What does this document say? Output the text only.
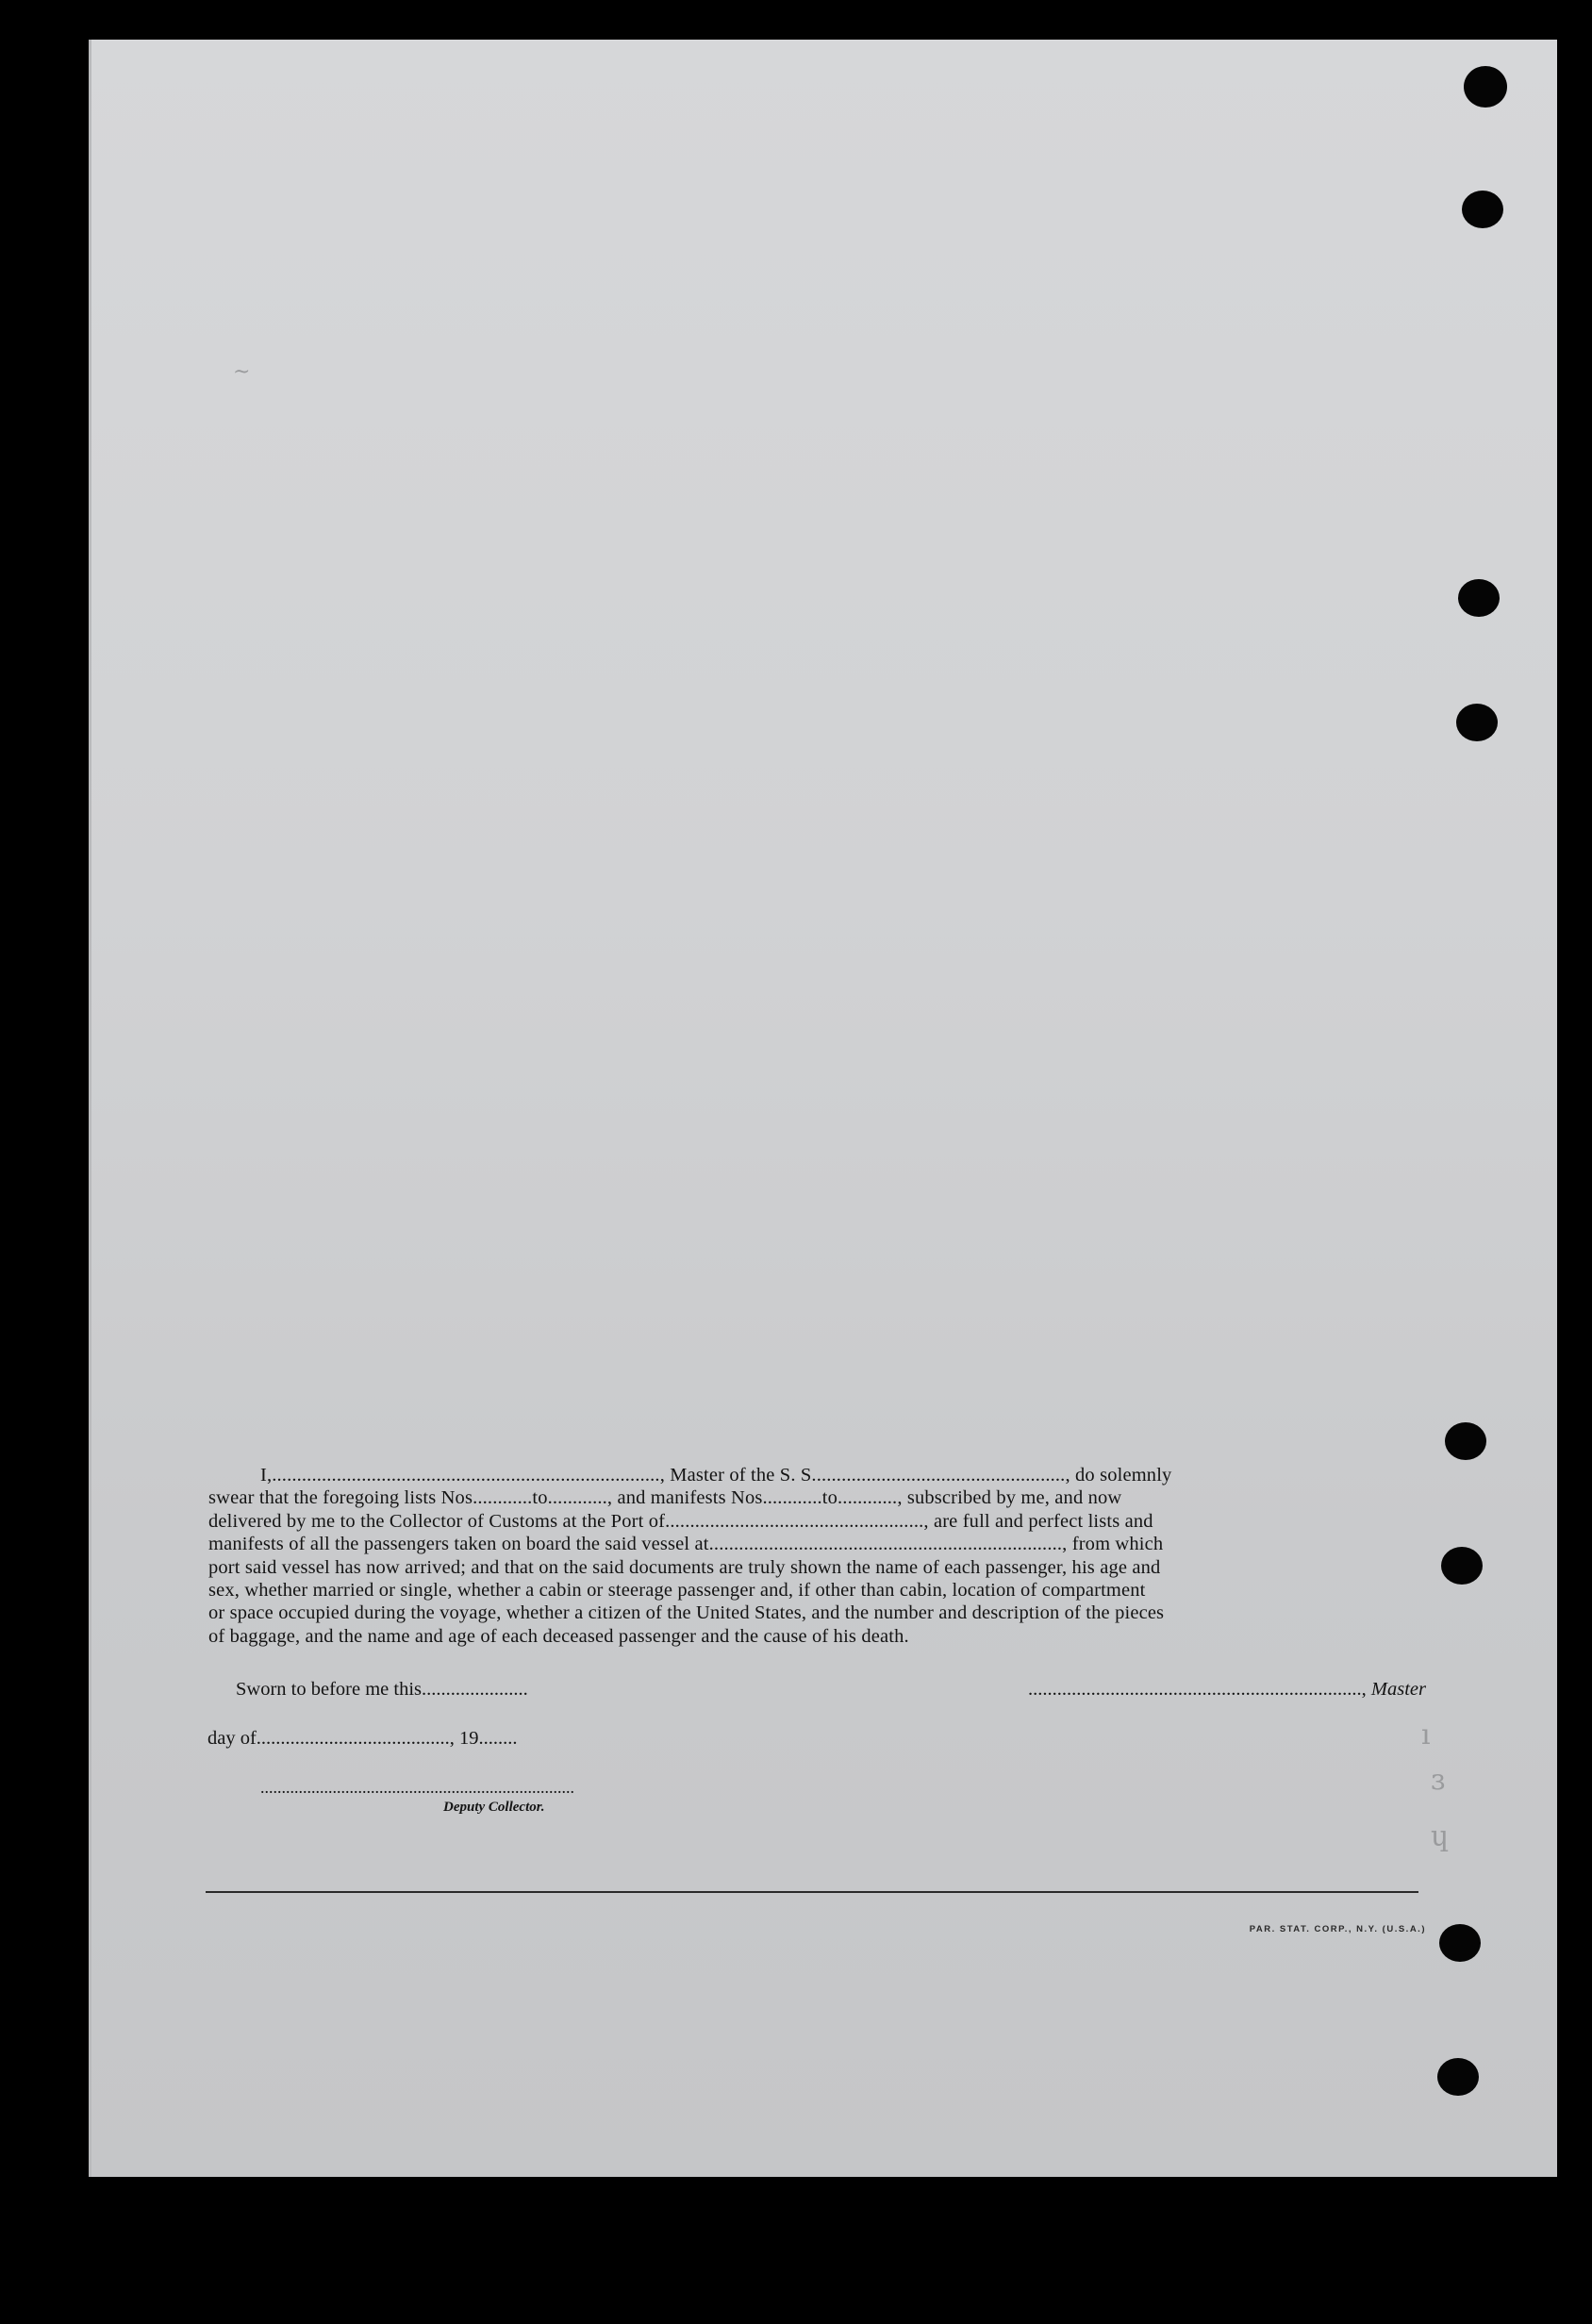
~
ı
ɜ
ɥ
I,.............................................................................., Master of the S. S..................................................., do solemnly
swear that the foregoing lists Nos............to............, and manifests Nos............to............, subscribed by me, and now
delivered by me to the Collector of Customs at the Port of...................................................., are full and perfect lists and
manifests of all the passengers taken on board the said vessel at......................................................................., from which
port said vessel has now arrived; and that on the said documents are truly shown the name of each passenger, his age and
sex, whether married or single, whether a cabin or steerage passenger and, if other than cabin, location of compartment
or space occupied during the voyage, whether a citizen of the United States, and the number and description of the pieces
of baggage, and the name and age of each deceased passenger and the cause of his death.
Sworn to before me this......................
day of........................................, 19........
....................................................................., Master
..........................................................................
Deputy Collector.
PAR. STAT. CORP., N.Y. (U.S.A.)
